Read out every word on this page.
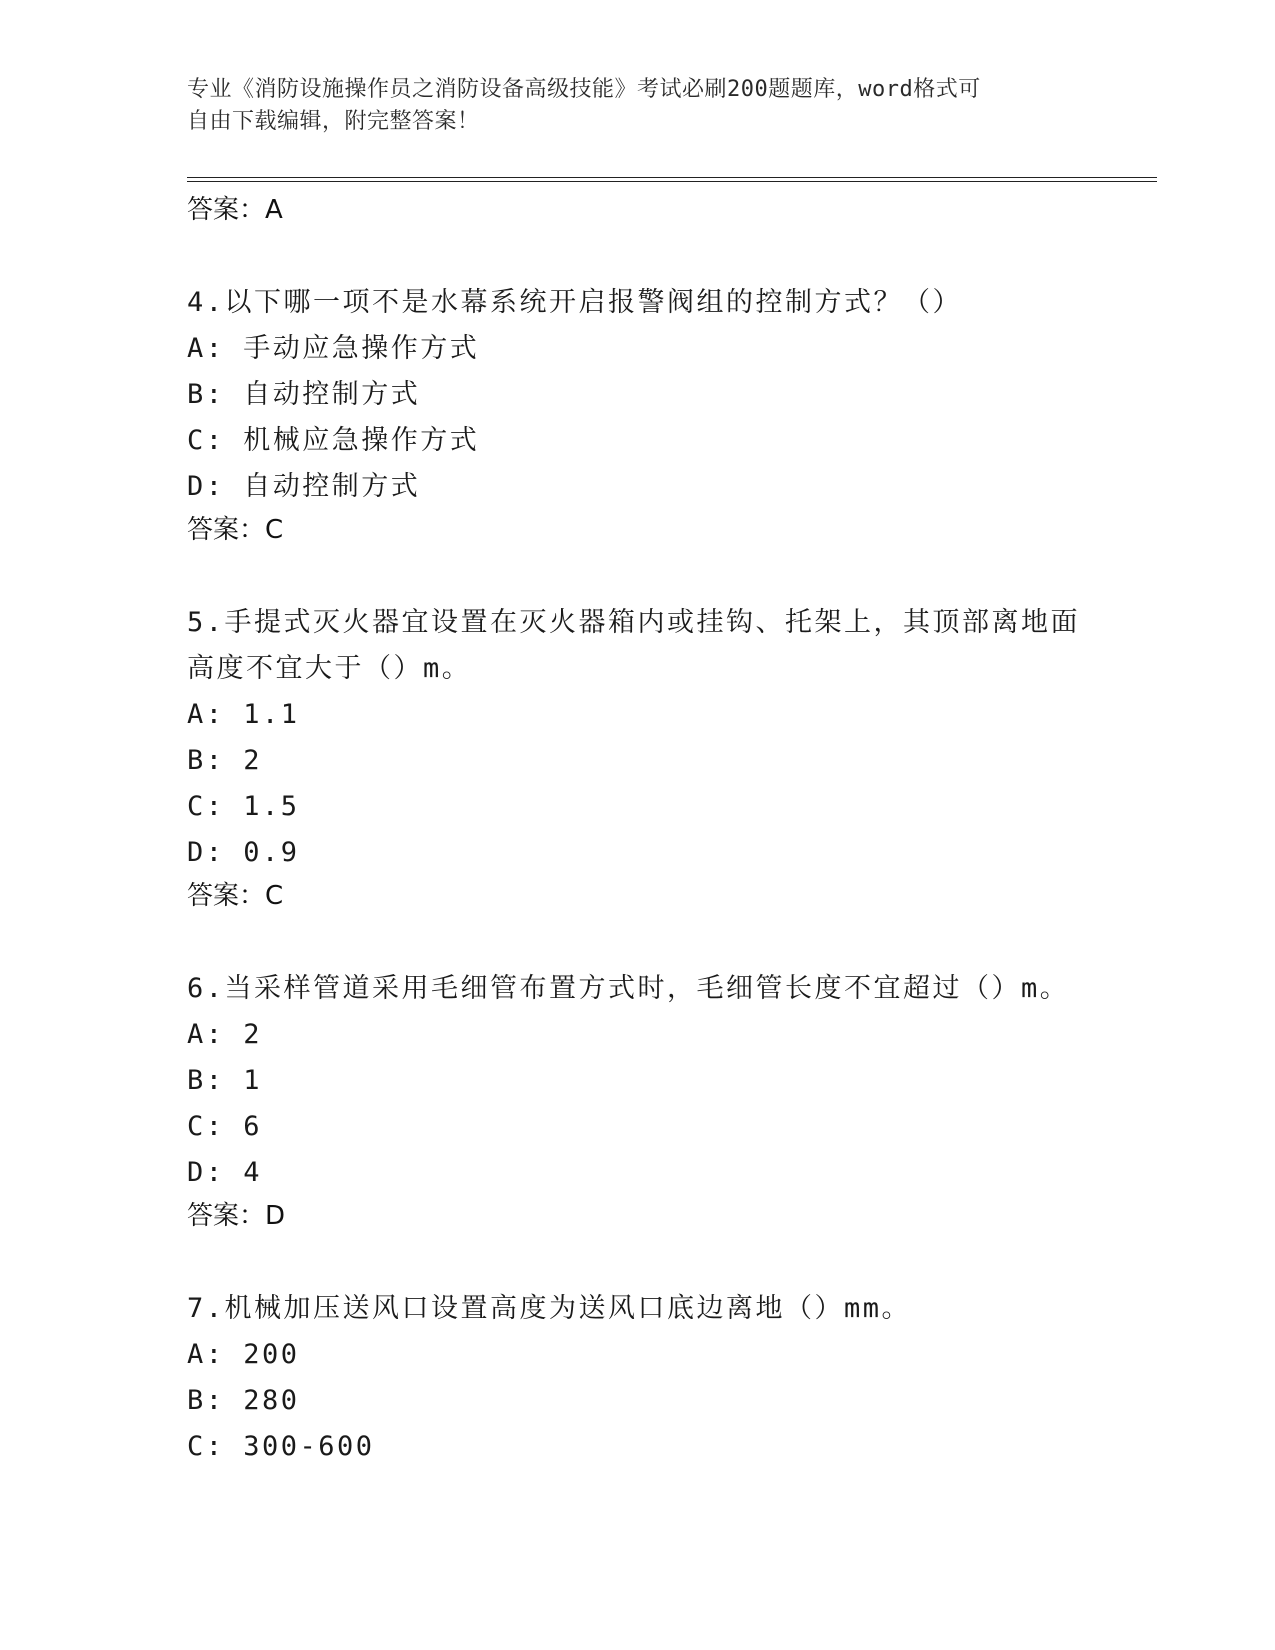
专业《消防设施操作员之消防设备高级技能》考试必刷200题题库，word格式可
自由下载编辑，附完整答案！
答案：A
4.以下哪一项不是水幕系统开启报警阀组的控制方式？（）
A: 手动应急操作方式
B: 自动控制方式
C: 机械应急操作方式
D: 自动控制方式
答案：C
5.手提式灭火器宜设置在灭火器箱内或挂钩、托架上，其顶部离地面
高度不宜大于（）m。
A: 1.1
B: 2
C: 1.5
D: 0.9
答案：C
6.当采样管道采用毛细管布置方式时，毛细管长度不宜超过（）m。
A: 2
B: 1
C: 6
D: 4
答案：D
7.机械加压送风口设置高度为送风口底边离地（）mm。
A: 200
B: 280
C: 300-600
